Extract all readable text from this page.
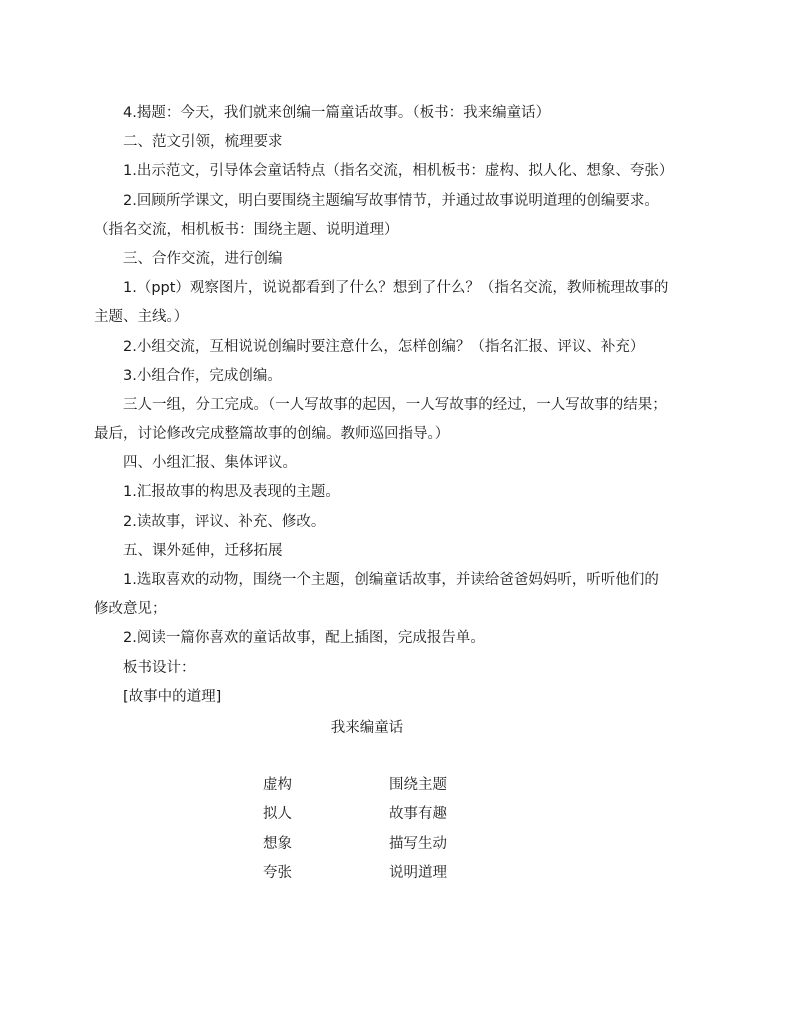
4.揭题：今天，我们就来创编一篇童话故事。（板书：我来编童话）
二、范文引领，梳理要求
1.出示范文，引导体会童话特点（指名交流，相机板书：虚构、拟人化、想象、夸张）
2.回顾所学课文，明白要围绕主题编写故事情节，并通过故事说明道理的创编要求。
（指名交流，相机板书：围绕主题、说明道理）
三、合作交流，进行创编
1.（ppt）观察图片，说说都看到了什么？想到了什么？（指名交流，教师梳理故事的
主题、主线。）
2.小组交流，互相说说创编时要注意什么，怎样创编？（指名汇报、评议、补充）
3.小组合作，完成创编。
三人一组，分工完成。（一人写故事的起因，一人写故事的经过，一人写故事的结果；
最后，讨论修改完成整篇故事的创编。教师巡回指导。）
四、小组汇报、集体评议。
1.汇报故事的构思及表现的主题。
2.读故事，评议、补充、修改。
五、课外延伸，迁移拓展
1.选取喜欢的动物，围绕一个主题，创编童话故事，并读给爸爸妈妈听，听听他们的
修改意见；
2.阅读一篇你喜欢的童话故事，配上插图，完成报告单。
板书设计：
[故事中的道理]
我来编童话
虚构	围绕主题
拟人	故事有趣
想象	描写生动
夸张	说明道理
